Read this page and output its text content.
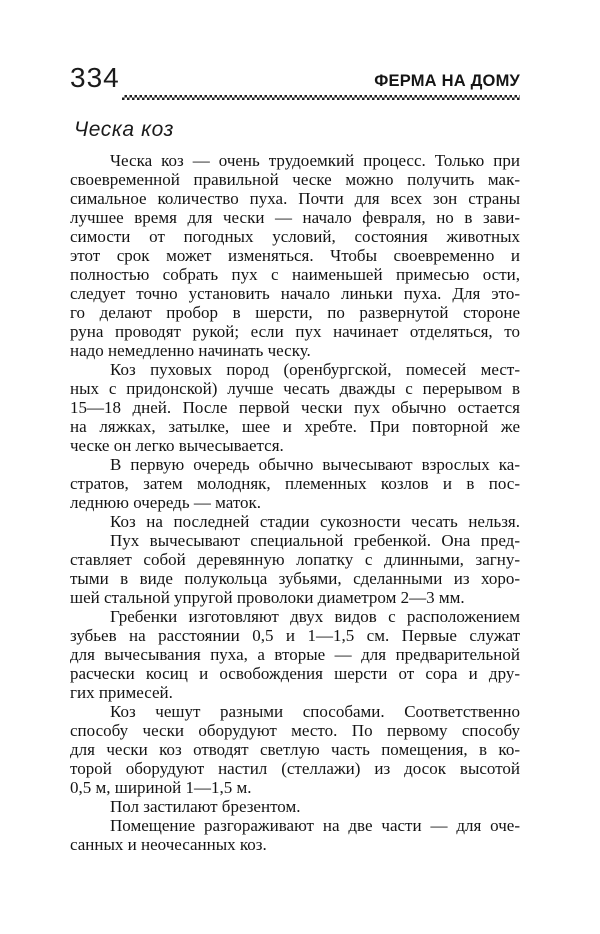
334	ФЕРМА НА ДОМУ
Ческа коз
Ческа коз — очень трудоемкий процесс. Только при
своевременной правильной ческе можно получить мак-
симальное количество пуха. Почти для всех зон страны
лучшее время для чески — начало февраля, но в зави-
симости от погодных условий, состояния животных
этот срок может изменяться. Чтобы своевременно и
полностью собрать пух с наименьшей примесью ости,
следует точно установить начало линьки пуха. Для это-
го делают пробор в шерсти, по развернутой стороне
руна проводят рукой; если пух начинает отделяться, то
надо немедленно начинать ческу.
Коз пуховых пород (оренбургской, помесей мест-
ных с придонской) лучше чесать дважды с перерывом в
15—18 дней. После первой чески пух обычно остается
на ляжках, затылке, шее и хребте. При повторной же
ческе он легко вычесывается.
В первую очередь обычно вычесывают взрослых ка-
стратов, затем молодняк, племенных козлов и в пос-
леднюю очередь — маток.
Коз на последней стадии сукозности чесать нельзя.
Пух вычесывают специальной гребенкой. Она пред-
ставляет собой деревянную лопатку с длинными, загну-
тыми в виде полукольца зубьями, сделанными из хоро-
шей стальной упругой проволоки диаметром 2—3 мм.
Гребенки изготовляют двух видов с расположением
зубьев на расстоянии 0,5 и 1—1,5 см. Первые служат
для вычесывания пуха, а вторые — для предварительной
расчески косиц и освобождения шерсти от сора и дру-
гих примесей.
Коз чешут разными способами. Соответственно
способу чески оборудуют место. По первому способу
для чески коз отводят светлую часть помещения, в ко-
торой оборудуют настил (стеллажи) из досок высотой
0,5 м, шириной 1—1,5 м.
Пол застилают брезентом.
Помещение разгораживают на две части — для оче-
санных и неочесанных коз.
